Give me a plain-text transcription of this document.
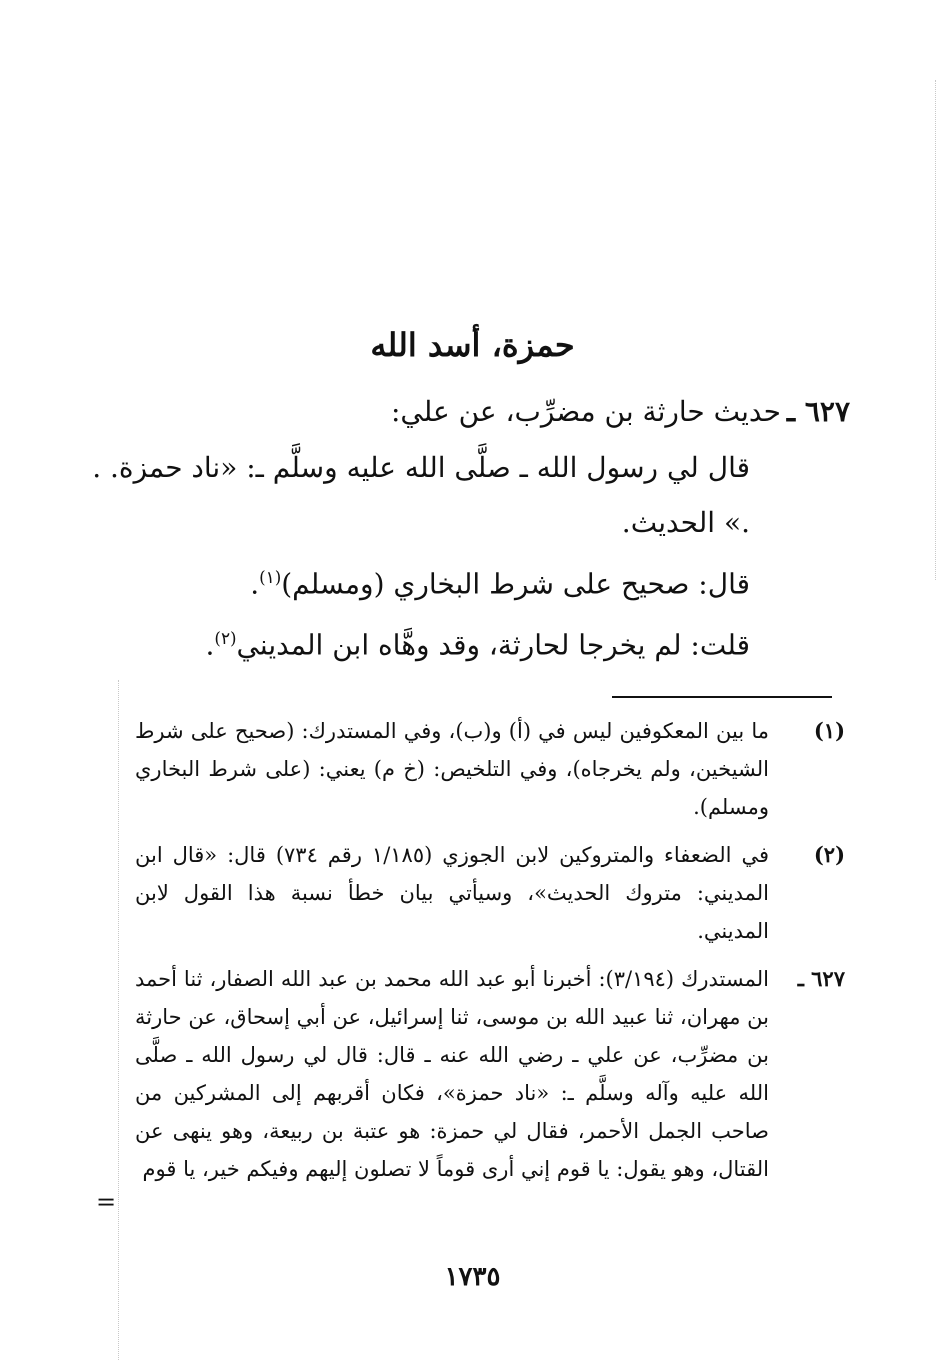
حمزة، أسد الله
٦٢٧ ـ
حديث حارثة بن مضرِّب، عن علي:

قال لي رسول الله ـ صلَّى الله عليه وسلَّم ـ: «ناد حمزة. . .» الحديث.

قال: صحيح على شرط البخاري (ومسلم)$^{(١)}$.

قلت: لم يخرجا لحارثة، وقد وهَّاه ابن المديني$^{(٢)}$.

(١)
ما بين المعكوفين ليس في (أ) و(ب)، وفي المستدرك: (صحيح على شرط الشيخين، ولم يخرجاه)، وفي التلخيص: (خ م) يعني: (على شرط البخاري ومسلم).
(٢)
في الضعفاء والمتروكين لابن الجوزي (١/١٨٥ رقم ٧٣٤) قال: «قال ابن المديني: متروك الحديث»، وسيأتي بيان خطأ نسبة هذا القول لابن المديني.
٦٢٧ ـ
المستدرك (٣/١٩٤): أخبرنا أبو عبد الله محمد بن عبد الله الصفار، ثنا أحمد بن مهران، ثنا عبيد الله بن موسى، ثنا إسرائيل، عن أبي إسحاق، عن حارثة بن مضرِّب، عن علي ـ رضي الله عنه ـ قال: قال لي رسول الله ـ صلَّى الله عليه وآله وسلَّم ـ: «ناد حمزة»، فكان أقربهم إلى المشركين من صاحب الجمل الأحمر، فقال لي حمزة: هو عتبة بن ربيعة، وهو ينهى عن القتال، وهو يقول: يا قوم إني أرى قوماً لا تصلون إليهم وفيكم خير، يا قوم
=
١٧٣٥
